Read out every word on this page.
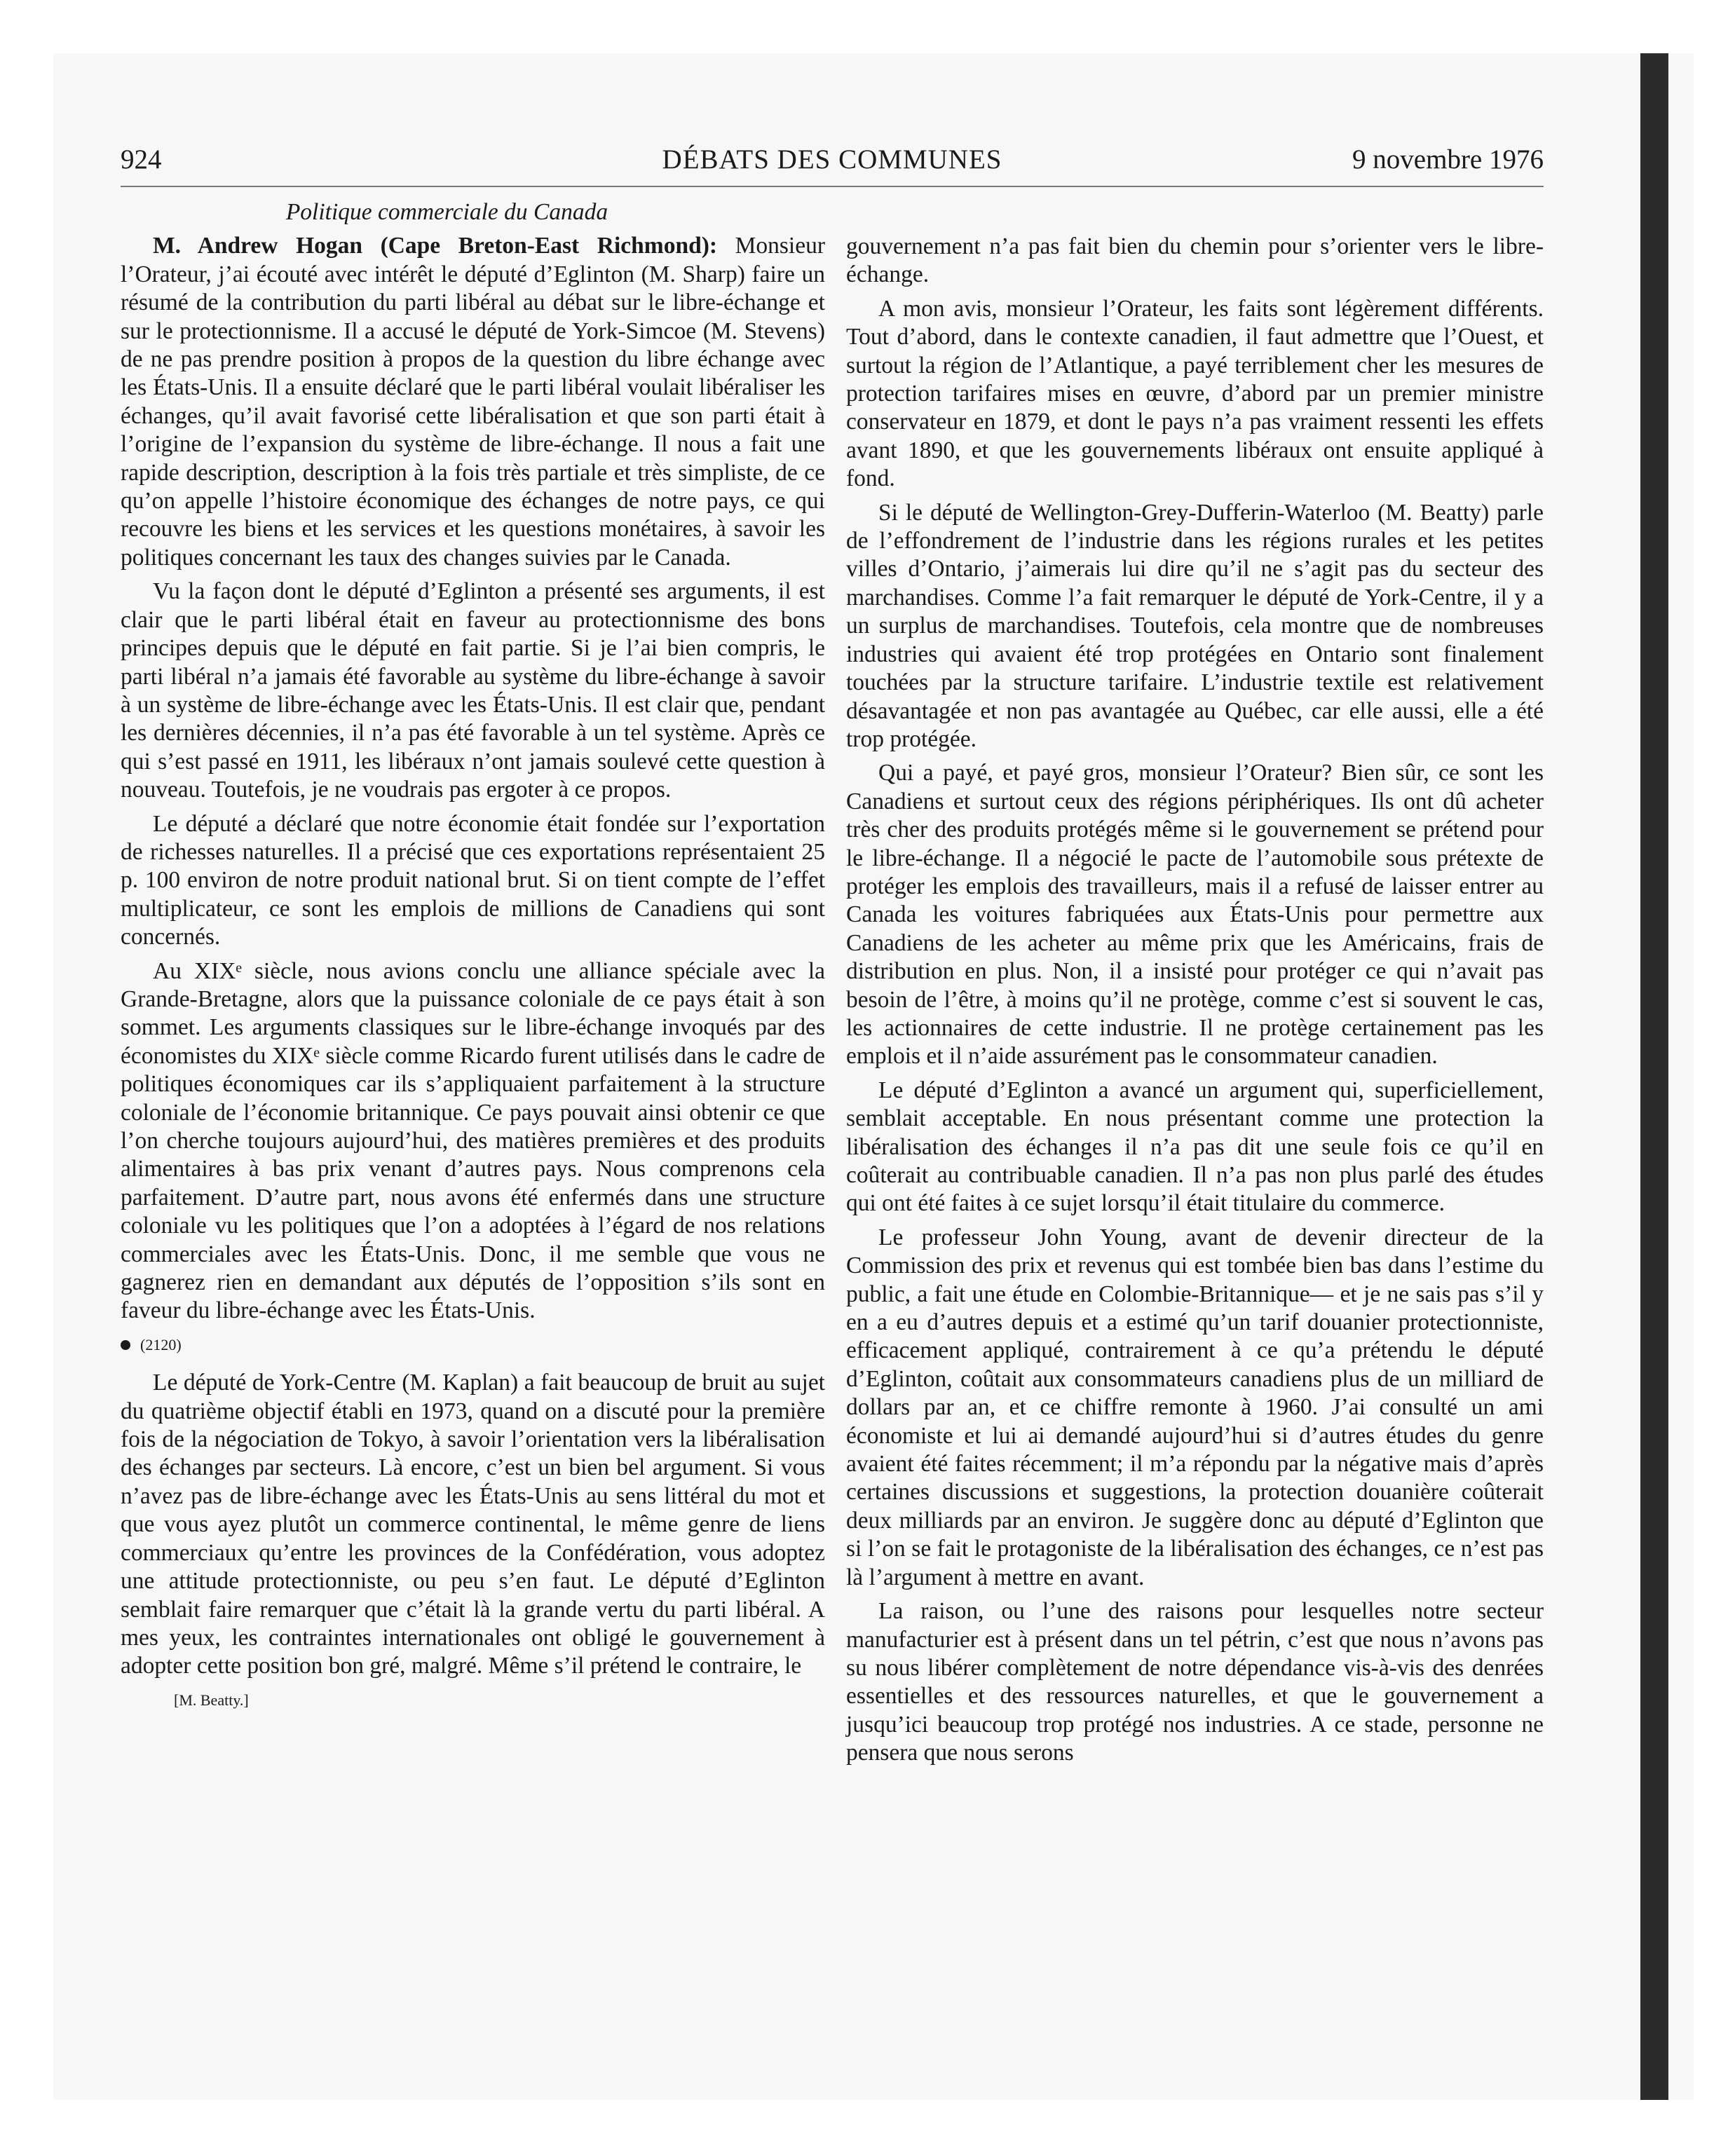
924	DÉBATS DES COMMUNES	9 novembre 1976

Politique commerciale du Canada

M. Andrew Hogan (Cape Breton-East Richmond): Monsieur l’Orateur, j’ai écouté avec intérêt le député d’Eglinton (M. Sharp) faire un résumé de la contribution du parti libéral au débat sur le libre-échange et sur le protectionnisme. Il a accusé le député de York-Simcoe (M. Stevens) de ne pas prendre position à propos de la question du libre échange avec les États-Unis. Il a ensuite déclaré que le parti libéral voulait libéraliser les échanges, qu’il avait favorisé cette libéralisation et que son parti était à l’origine de l’expansion du système de libre-échange. Il nous a fait une rapide description, description à la fois très partiale et très simpliste, de ce qu’on appelle l’histoire économique des échanges de notre pays, ce qui recouvre les biens et les services et les questions monétaires, à savoir les politiques concernant les taux des changes suivies par le Canada.

Vu la façon dont le député d’Eglinton a présenté ses arguments, il est clair que le parti libéral était en faveur au protectionnisme des bons principes depuis que le député en fait partie. Si je l’ai bien compris, le parti libéral n’a jamais été favorable au système du libre-échange à savoir à un système de libre-échange avec les États-Unis. Il est clair que, pendant les dernières décennies, il n’a pas été favorable à un tel système. Après ce qui s’est passé en 1911, les libéraux n’ont jamais soulevé cette question à nouveau. Toutefois, je ne voudrais pas ergoter à ce propos.

Le député a déclaré que notre économie était fondée sur l’exportation de richesses naturelles. Il a précisé que ces exportations représentaient 25 p. 100 environ de notre produit national brut. Si on tient compte de l’effet multiplicateur, ce sont les emplois de millions de Canadiens qui sont concernés.

Au XIXᵉ siècle, nous avions conclu une alliance spéciale avec la Grande-Bretagne, alors que la puissance coloniale de ce pays était à son sommet. Les arguments classiques sur le libre-échange invoqués par des économistes du XIXᵉ siècle comme Ricardo furent utilisés dans le cadre de politiques économiques car ils s’appliquaient parfaitement à la structure coloniale de l’économie britannique. Ce pays pouvait ainsi obtenir ce que l’on cherche toujours aujourd’hui, des matières premières et des produits alimentaires à bas prix venant d’autres pays. Nous comprenons cela parfaitement. D’autre part, nous avons été enfermés dans une structure coloniale vu les politiques que l’on a adoptées à l’égard de nos relations commerciales avec les États-Unis. Donc, il me semble que vous ne gagnerez rien en demandant aux députés de l’opposition s’ils sont en faveur du libre-échange avec les États-Unis.

(2120)

Le député de York-Centre (M. Kaplan) a fait beaucoup de bruit au sujet du quatrième objectif établi en 1973, quand on a discuté pour la première fois de la négociation de Tokyo, à savoir l’orientation vers la libéralisation des échanges par secteurs. Là encore, c’est un bien bel argument. Si vous n’avez pas de libre-échange avec les États-Unis au sens littéral du mot et que vous ayez plutôt un commerce continental, le même genre de liens commerciaux qu’entre les provinces de la Confédération, vous adoptez une attitude protectionniste, ou peu s’en faut. Le député d’Eglinton semblait faire remarquer que c’était là la grande vertu du parti libéral. A mes yeux, les contraintes internationales ont obligé le gouvernement à adopter cette position bon gré, malgré. Même s’il prétend le contraire, le

[M. Beatty.]

gouvernement n’a pas fait bien du chemin pour s’orienter vers le libre-échange.

A mon avis, monsieur l’Orateur, les faits sont légèrement différents. Tout d’abord, dans le contexte canadien, il faut admettre que l’Ouest, et surtout la région de l’Atlantique, a payé terriblement cher les mesures de protection tarifaires mises en œuvre, d’abord par un premier ministre conservateur en 1879, et dont le pays n’a pas vraiment ressenti les effets avant 1890, et que les gouvernements libéraux ont ensuite appliqué à fond.

Si le député de Wellington-Grey-Dufferin-Waterloo (M. Beatty) parle de l’effondrement de l’industrie dans les régions rurales et les petites villes d’Ontario, j’aimerais lui dire qu’il ne s’agit pas du secteur des marchandises. Comme l’a fait remarquer le député de York-Centre, il y a un surplus de marchandises. Toutefois, cela montre que de nombreuses industries qui avaient été trop protégées en Ontario sont finalement touchées par la structure tarifaire. L’industrie textile est relativement désavantagée et non pas avantagée au Québec, car elle aussi, elle a été trop protégée.

Qui a payé, et payé gros, monsieur l’Orateur? Bien sûr, ce sont les Canadiens et surtout ceux des régions périphériques. Ils ont dû acheter très cher des produits protégés même si le gouvernement se prétend pour le libre-échange. Il a négocié le pacte de l’automobile sous prétexte de protéger les emplois des travailleurs, mais il a refusé de laisser entrer au Canada les voitures fabriquées aux États-Unis pour permettre aux Canadiens de les acheter au même prix que les Américains, frais de distribution en plus. Non, il a insisté pour protéger ce qui n’avait pas besoin de l’être, à moins qu’il ne protège, comme c’est si souvent le cas, les actionnaires de cette industrie. Il ne protège certainement pas les emplois et il n’aide assurément pas le consommateur canadien.

Le député d’Eglinton a avancé un argument qui, superficiellement, semblait acceptable. En nous présentant comme une protection la libéralisation des échanges il n’a pas dit une seule fois ce qu’il en coûterait au contribuable canadien. Il n’a pas non plus parlé des études qui ont été faites à ce sujet lorsqu’il était titulaire du commerce.

Le professeur John Young, avant de devenir directeur de la Commission des prix et revenus qui est tombée bien bas dans l’estime du public, a fait une étude en Colombie-Britannique— et je ne sais pas s’il y en a eu d’autres depuis et a estimé qu’un tarif douanier protectionniste, efficacement appliqué, contrairement à ce qu’a prétendu le député d’Eglinton, coûtait aux consommateurs canadiens plus de un milliard de dollars par an, et ce chiffre remonte à 1960. J’ai consulté un ami économiste et lui ai demandé aujourd’hui si d’autres études du genre avaient été faites récemment; il m’a répondu par la négative mais d’après certaines discussions et suggestions, la protection douanière coûterait deux milliards par an environ. Je suggère donc au député d’Eglinton que si l’on se fait le protagoniste de la libéralisation des échanges, ce n’est pas là l’argument à mettre en avant.

La raison, ou l’une des raisons pour lesquelles notre secteur manufacturier est à présent dans un tel pétrin, c’est que nous n’avons pas su nous libérer complètement de notre dépendance vis-à-vis des denrées essentielles et des ressources naturelles, et que le gouvernement a jusqu’ici beaucoup trop protégé nos industries. A ce stade, personne ne pensera que nous serons
